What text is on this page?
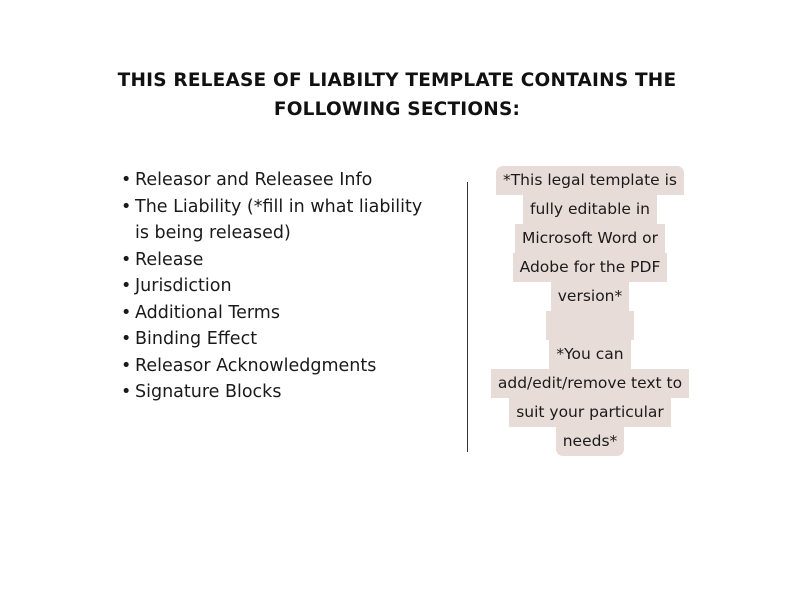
THIS RELEASE OF LIABILTY TEMPLATE CONTAINS THE
FOLLOWING SECTIONS:
• Releasor and Releasee Info
• The Liability (*fill in what liability
is being released)
• Release
• Jurisdiction
• Additional Terms
• Binding Effect
• Releasor Acknowledgments
• Signature Blocks
*This legal template is
fully editable in
Microsoft Word or
Adobe for the PDF
version*
*You can
add/edit/remove text to
suit your particular
needs*
